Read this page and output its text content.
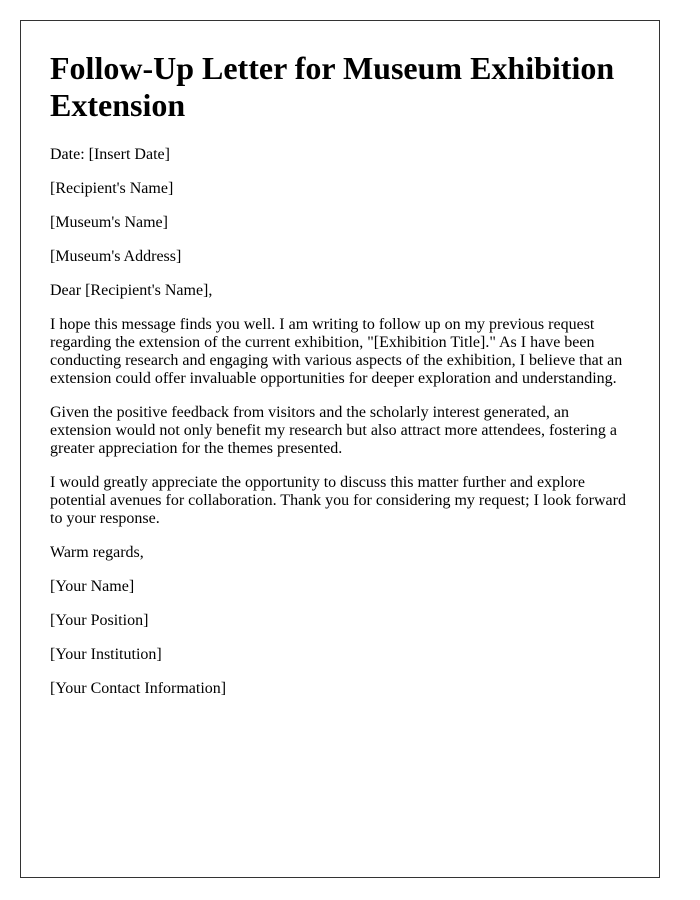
Follow-Up Letter for Museum Exhibition Extension

Date: [Insert Date]

[Recipient's Name]

[Museum's Name]

[Museum's Address]

Dear [Recipient's Name],

I hope this message finds you well. I am writing to follow up on my previous request regarding the extension of the current exhibition, "[Exhibition Title]." As I have been conducting research and engaging with various aspects of the exhibition, I believe that an extension could offer invaluable opportunities for deeper exploration and understanding.

Given the positive feedback from visitors and the scholarly interest generated, an extension would not only benefit my research but also attract more attendees, fostering a greater appreciation for the themes presented.

I would greatly appreciate the opportunity to discuss this matter further and explore potential avenues for collaboration. Thank you for considering my request; I look forward to your response.

Warm regards,

[Your Name]

[Your Position]

[Your Institution]

[Your Contact Information]
